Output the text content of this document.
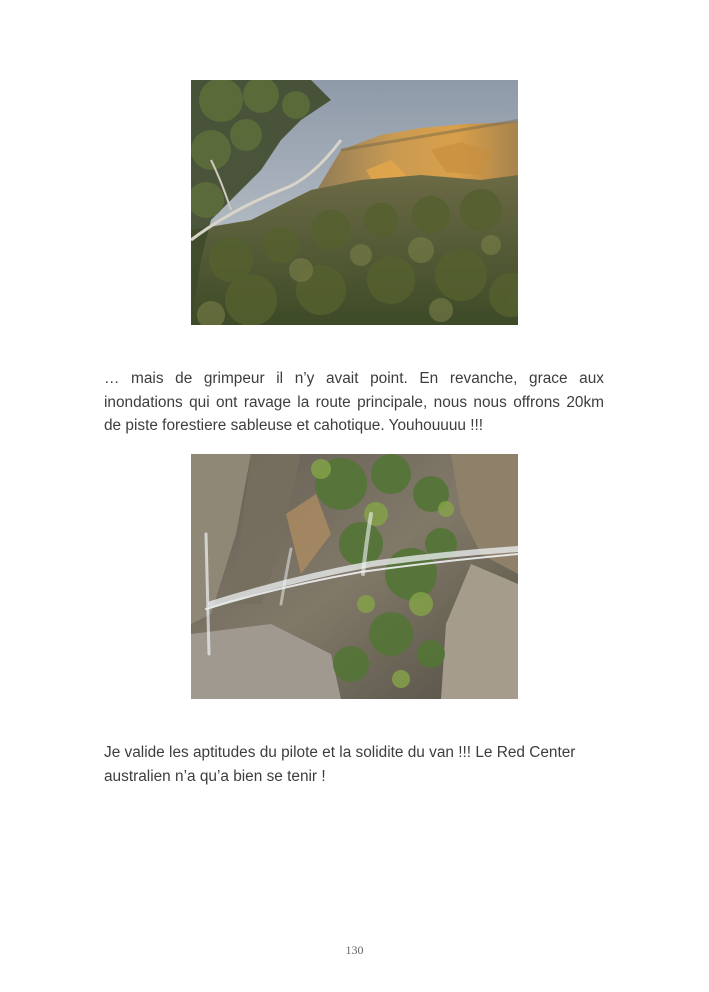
… mais de grimpeur il n’y avait point. En revanche, grace aux inondations qui ont ravage la route principale, nous nous offrons 20km de piste forestiere sableuse et cahotique. Youhouuuu !!!

Je valide les aptitudes du pilote et la solidite du van !!! Le Red Center australien n’a qu’a bien se tenir !

130
